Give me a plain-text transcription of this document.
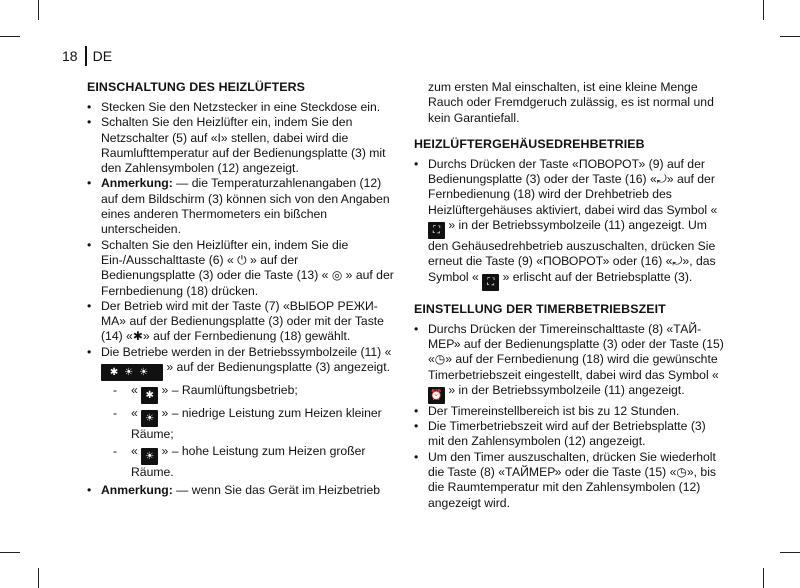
18 DE
EINSCHALTUNG DES HEIZLÜFTERS
• Stecken Sie den Netzstecker in eine Steckdose ein.
• Schalten Sie den Heizlüfter ein, indem Sie den Netzschalter (5) auf «I» stellen, dabei wird die Raumlufttemperatur auf der Bedienungsplatte (3) mit den Zahlensymbolen (12) angezeigt.
• Anmerkung: — die Temperaturzahlenangaben (12) auf dem Bildschirm (3) können sich von den Angaben eines anderen Thermometers ein bißchen unterscheiden.
• Schalten Sie den Heizlüfter ein, indem Sie die Ein-/Ausschalttaste (6) « ⏻ » auf der Bedienungsplatte (3) oder die Taste (13) « ◎ » auf der Fernbedienung (18) drücken.
• Der Betrieb wird mit der Taste (7) «ВЫБОР РЕЖИ-МА» auf der Bedienungsplatte (3) oder mit der Taste (14) «✱» auf der Fernbedienung (18) gewählt.
• Die Betriebe werden in der Betriebssymbolzeile (11) « ✱☀☀ » auf der Bedienungsplatte (3) angezeigt.
- « ✱ » – Raumlüftungsbetrieb;
- « ☀ » – niedrige Leistung zum Heizen kleiner Räume;
- « ☀ » – hohe Leistung zum Heizen großer Räume.
• Anmerkung: — wenn Sie das Gerät im Heizbetrieb

zum ersten Mal einschalten, ist eine kleine Menge Rauch oder Fremdgeruch zulässig, es ist normal und kein Garantiefall.

HEIZLÜFTERGEHÄUSEDREHBETRIEB
• Durchs Drücken der Taste «ПОВОРОТ» (9) auf der Bedienungsplatte (3) oder der Taste (16) «⤾» auf der Fernbedienung (18) wird der Drehbetrieb des Heizlüftergehäuses aktiviert, dabei wird das Symbol « ⛶ » in der Betriebssymbolzeile (11) angezeigt. Um den Gehäusedrehbetrieb auszuschalten, drücken Sie erneut die Taste (9) «ПОВОРОТ» oder (16) «⤾», das Symbol « ⛶ » erlischt auf der Betriebsplatte (3).
EINSTELLUNG DER TIMERBETRIEBSZEIT
• Durchs Drücken der Timereinschalttaste (8) «ТАЙ-МЕР» auf der Bedienungsplatte (3) oder der Taste (15) «◷» auf der Fernbedienung (18) wird die gewünschte Timerbetriebszeit eingestellt, dabei wird das Symbol « ⏰ » in der Betriebssymbolzeile (11) angezeigt.
• Der Timereinstellbereich ist bis zu 12 Stunden.
• Die Timerbetriebszeit wird auf der Betriebsplatte (3) mit den Zahlensymbolen (12) angezeigt.
• Um den Timer auszuschalten, drücken Sie wiederholt die Taste (8) «ТАЙМЕР» oder die Taste (15) «◷», bis die Raumtemperatur mit den Zahlensymbolen (12) angezeigt wird.
